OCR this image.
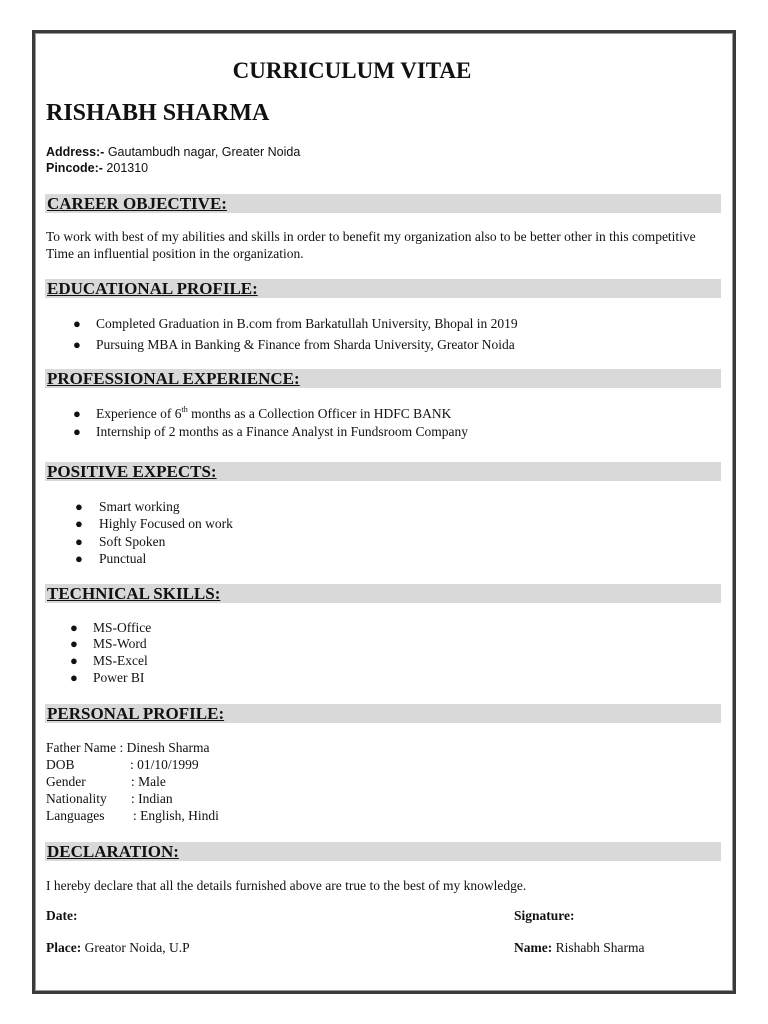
CURRICULUM VITAE
RISHABH SHARMA
Address:- Gautambudh nagar, Greater Noida
Pincode:- 201310
CAREER OBJECTIVE:
To work with best of my abilities and skills in order to benefit my organization also to be better other in this competitive Time an influential position in the organization.
EDUCATIONAL PROFILE:
● Completed Graduation in B.com from Barkatullah University, Bhopal in 2019
● Pursuing MBA in Banking & Finance from Sharda University, Greator Noida
PROFESSIONAL EXPERIENCE:
● Experience of 6th months as a Collection Officer in HDFC BANK
● Internship of 2 months as a Finance Analyst in Fundsroom Company
POSITIVE EXPECTS:
● Smart working
● Highly Focused on work
● Soft Spoken
● Punctual
TECHNICAL SKILLS:
● MS-Office
● MS-Word
● MS-Excel
● Power BI
PERSONAL PROFILE:
Father Name : Dinesh Sharma
DOB	: 01/10/1999
Gender	: Male
Nationality : Indian
Languages : English, Hindi
DECLARATION:
I hereby declare that all the details furnished above are true to the best of my knowledge.
Date:	Signature:
Place: Greator Noida, U.P	Name: Rishabh Sharma
